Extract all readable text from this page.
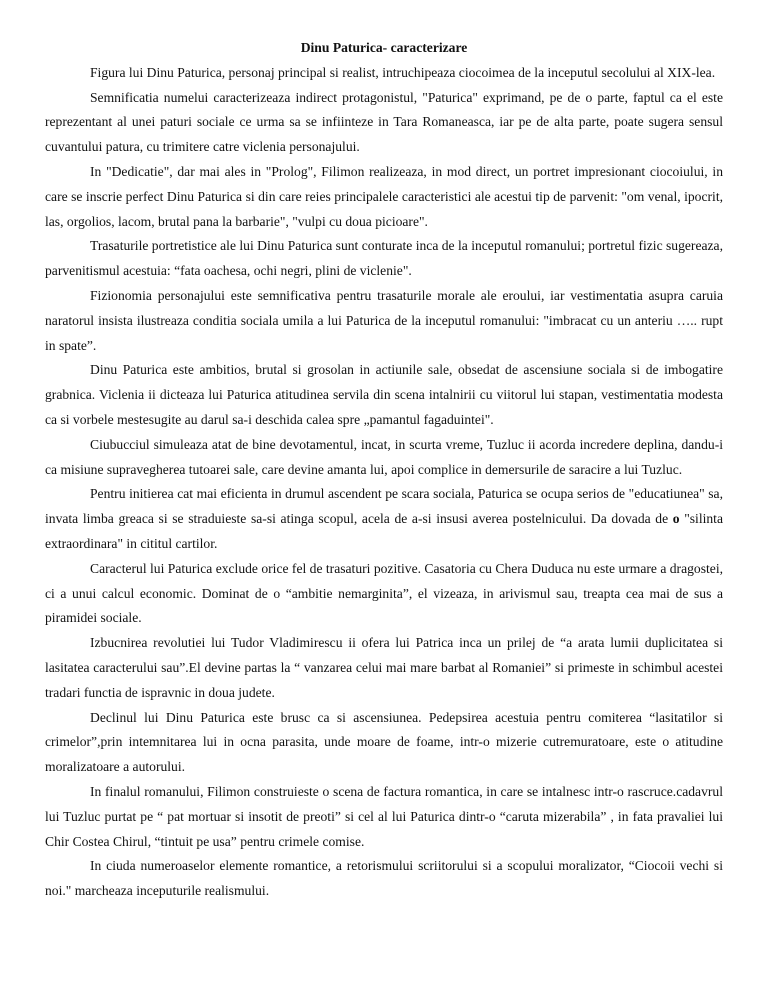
Dinu Paturica- caracterizare

Figura lui Dinu Paturica, personaj principal si realist, intruchipeaza ciocoimea de la inceputul secolului al XIX-lea.

Semnificatia numelui caracterizeaza indirect protagonistul, "Paturica" exprimand, pe de o parte, faptul ca el este reprezentant al unei paturi sociale ce urma sa se infiinteze in Tara Romaneasca, iar pe de alta parte, poate sugera sensul cuvantului patura, cu trimitere catre viclenia personajului.

In "Dedicatie", dar mai ales in "Prolog", Filimon realizeaza, in mod direct, un portret impresionant ciocoiului, in care se inscrie perfect Dinu Paturica si din care reies principalele caracteristici ale acestui tip de parvenit: "om venal, ipocrit, las, orgolios, lacom, brutal pana la barbarie", "vulpi cu doua picioare".

Trasaturile portretistice ale lui Dinu Paturica sunt conturate inca de la inceputul romanului; portretul fizic sugereaza, parvenitismul acestuia: “fata oachesa, ochi negri, plini de viclenie".

Fizionomia personajului este semnificativa pentru trasaturile morale ale eroului, iar vestimentatia asupra caruia naratorul insista ilustreaza conditia sociala umila a lui Paturica de la inceputul romanului: "imbracat cu un anteriu ….. rupt in spate”.

Dinu Paturica este ambitios, brutal si grosolan in actiunile sale, obsedat de ascensiune sociala si de imbogatire grabnica. Viclenia ii dicteaza lui Paturica atitudinea servila din scena intalnirii cu viitorul lui stapan, vestimentatia modesta ca si vorbele mestesugite au darul sa-i deschida calea spre „pamantul fagaduintei".

Ciubucciul simuleaza atat de bine devotamentul, incat, in scurta vreme, Tuzluc ii acorda incredere deplina, dandu-i ca misiune supravegherea tutoarei sale, care devine amanta lui, apoi complice in demersurile de saracire a lui Tuzluc.

Pentru initierea cat mai eficienta in drumul ascendent pe scara sociala, Paturica se ocupa serios de "educatiunea" sa, invata limba greaca si se straduieste sa-si atinga scopul, acela de a-si insusi averea postelnicului. Da dovada de o "silinta extraordinara" in cititul cartilor.

Caracterul lui Paturica exclude orice fel de trasaturi pozitive. Casatoria cu Chera Duduca nu este urmare a dragostei, ci a unui calcul economic. Dominat de o “ambitie nemarginita”, el vizeaza, in arivismul sau, treapta cea mai de sus a piramidei sociale.

Izbucnirea revolutiei lui Tudor Vladimirescu ii ofera lui Patrica inca un prilej de “a arata lumii duplicitatea si lasitatea caracterului sau”.El devine partas la “ vanzarea celui mai mare barbat al Romaniei” si primeste in schimbul acestei tradari functia de ispravnic in doua judete.

Declinul lui Dinu Paturica este brusc ca si ascensiunea. Pedepsirea acestuia pentru comiterea “lasitatilor si crimelor”,prin intemnitarea lui in ocna parasita, unde moare de foame, intr-o mizerie cutremuratoare, este o atitudine moralizatoare a autorului.

In finalul romanului, Filimon construieste o scena de factura romantica, in care se intalnesc intr-o rascruce.cadavrul lui Tuzluc purtat pe “ pat mortuar si insotit de preoti” si cel al lui Paturica dintr-o “caruta mizerabila” , in fata pravaliei lui Chir Costea Chirul, “tintuit pe usa” pentru crimele comise.

In ciuda numeroaselor elemente romantice, a retorismului scriitorului si a scopului moralizator, “Ciocoii vechi si noi." marcheaza inceputurile realismului.
